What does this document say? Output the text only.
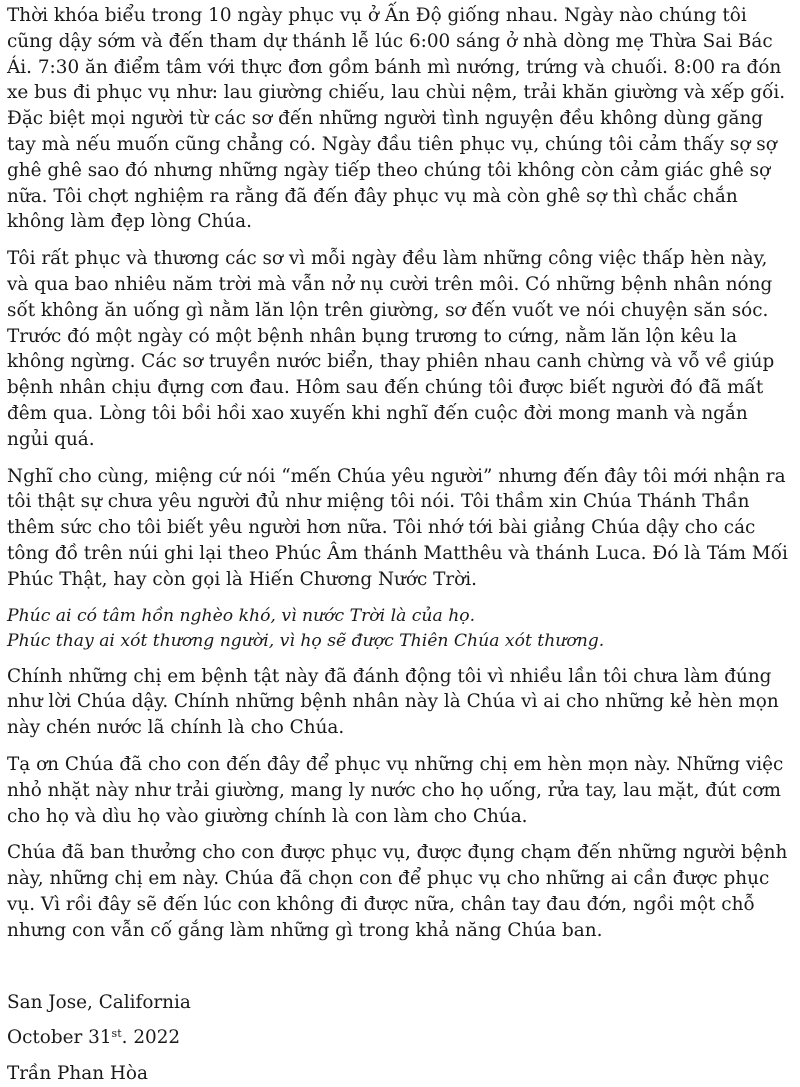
Thời khóa biểu trong 10 ngày phục vụ ở Ấn Độ giống nhau. Ngày nào chúng tôi cũng dậy sớm và đến tham dự thánh lễ lúc 6:00 sáng ở nhà dòng mẹ Thừa Sai Bác Ái. 7:30 ăn điểm tâm với thực đơn gồm bánh mì nướng, trứng và chuối. 8:00 ra đón xe bus đi phục vụ như: lau giường chiếu, lau chùi nệm, trải khăn giường và xếp gối. Đặc biệt mọi người từ các sơ đến những người tình nguyện đều không dùng găng tay mà nếu muốn cũng chẳng có. Ngày đầu tiên phục vụ, chúng tôi cảm thấy sợ sợ ghê ghê sao đó nhưng những ngày tiếp theo chúng tôi không còn cảm giác ghê sợ nữa. Tôi chợt nghiệm ra rằng đã đến đây phục vụ mà còn ghê sợ thì chắc chắn không làm đẹp lòng Chúa.

Tôi rất phục và thương các sơ vì mỗi ngày đều làm những công việc thấp hèn này, và qua bao nhiêu năm trời mà vẫn nở nụ cười trên môi. Có những bệnh nhân nóng sốt không ăn uống gì nằm lăn lộn trên giường, sơ đến vuốt ve nói chuyện săn sóc. Trước đó một ngày có một bệnh nhân bụng trương to cứng, nằm lăn lộn kêu la không ngừng. Các sơ truyền nước biển, thay phiên nhau canh chừng và vỗ về giúp bệnh nhân chịu đựng cơn đau. Hôm sau đến chúng tôi được biết người đó đã mất đêm qua. Lòng tôi bồi hồi xao xuyến khi nghĩ đến cuộc đời mong manh và ngắn ngủi quá.

Nghĩ cho cùng, miệng cứ nói “mến Chúa yêu người” nhưng đến đây tôi mới nhận ra tôi thật sự chưa yêu người đủ như miệng tôi nói. Tôi thầm xin Chúa Thánh Thần thêm sức cho tôi biết yêu người hơn nữa. Tôi nhớ tới bài giảng Chúa dậy cho các tông đồ trên núi ghi lại theo Phúc Âm thánh Matthêu và thánh Luca. Đó là Tám Mối Phúc Thật, hay còn gọi là Hiến Chương Nước Trời.

Phúc ai có tâm hồn nghèo khó, vì nước Trời là của họ.
Phúc thay ai xót thương người, vì họ sẽ được Thiên Chúa xót thương.

Chính những chị em bệnh tật này đã đánh động tôi vì nhiều lần tôi chưa làm đúng như lời Chúa dậy. Chính những bệnh nhân này là Chúa vì ai cho những kẻ hèn mọn này chén nước lã chính là cho Chúa.

Tạ ơn Chúa đã cho con đến đây để phục vụ những chị em hèn mọn này. Những việc nhỏ nhặt này như trải giường, mang ly nước cho họ uống, rửa tay, lau mặt, đút cơm cho họ và dìu họ vào giường chính là con làm cho Chúa.

Chúa đã ban thưởng cho con được phục vụ, được đụng chạm đến những người bệnh này, những chị em này. Chúa đã chọn con để phục vụ cho những ai cần được phục vụ. Vì rồi đây sẽ đến lúc con không đi được nữa, chân tay đau đớn, ngồi một chỗ nhưng con vẫn cố gắng làm những gì trong khả năng Chúa ban.

San Jose, California

October 31st. 2022

Trần Phan Hòa
